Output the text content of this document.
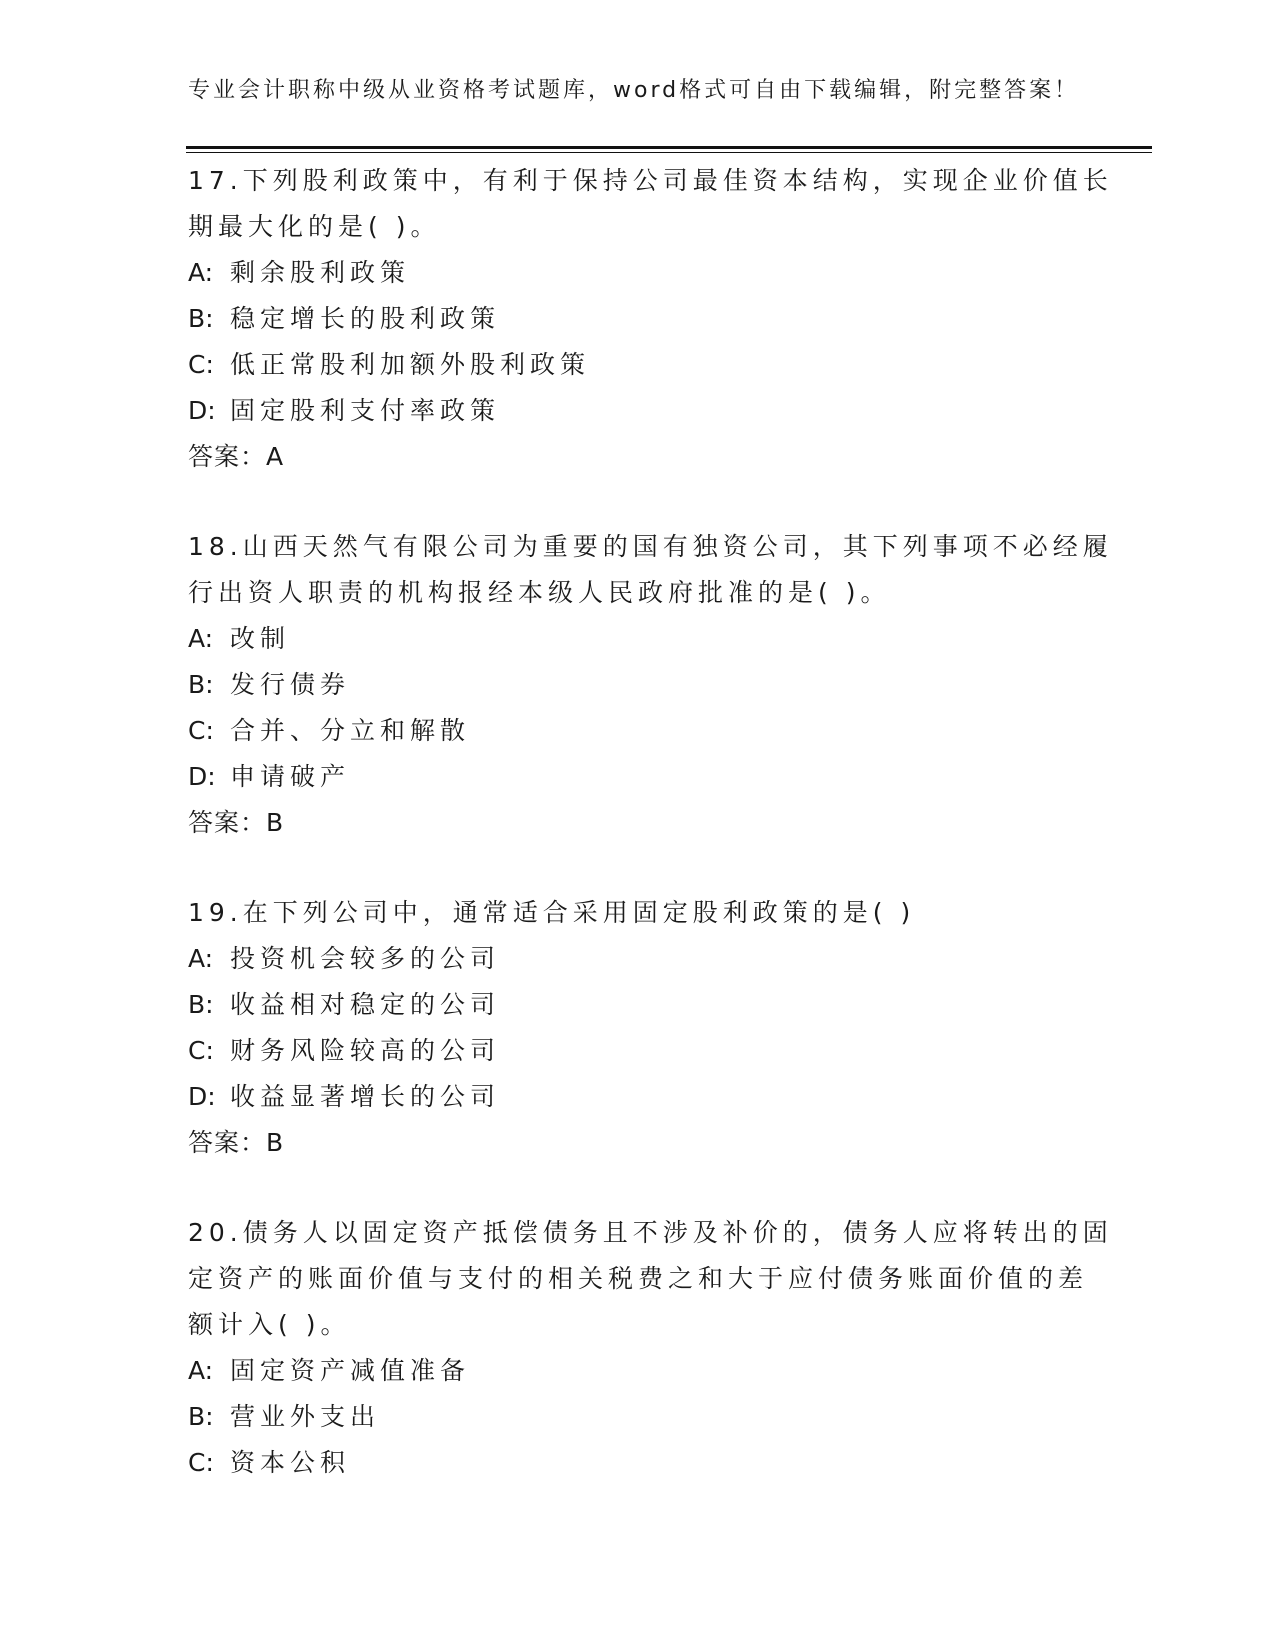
专业会计职称中级从业资格考试题库，word格式可自由下载编辑，附完整答案！
17.下列股利政策中，有利于保持公司最佳资本结构，实现企业价值长
期最大化的是( )。
A: 剩余股利政策
B: 稳定增长的股利政策
C: 低正常股利加额外股利政策
D: 固定股利支付率政策
答案：A
18.山西天然气有限公司为重要的国有独资公司，其下列事项不必经履
行出资人职责的机构报经本级人民政府批准的是( )。
A: 改制
B: 发行债券
C: 合并、分立和解散
D: 申请破产
答案：B
19.在下列公司中，通常适合采用固定股利政策的是( )
A: 投资机会较多的公司
B: 收益相对稳定的公司
C: 财务风险较高的公司
D: 收益显著增长的公司
答案：B
20.债务人以固定资产抵偿债务且不涉及补价的，债务人应将转出的固
定资产的账面价值与支付的相关税费之和大于应付债务账面价值的差
额计入( )。
A: 固定资产减值准备
B: 营业外支出
C: 资本公积
